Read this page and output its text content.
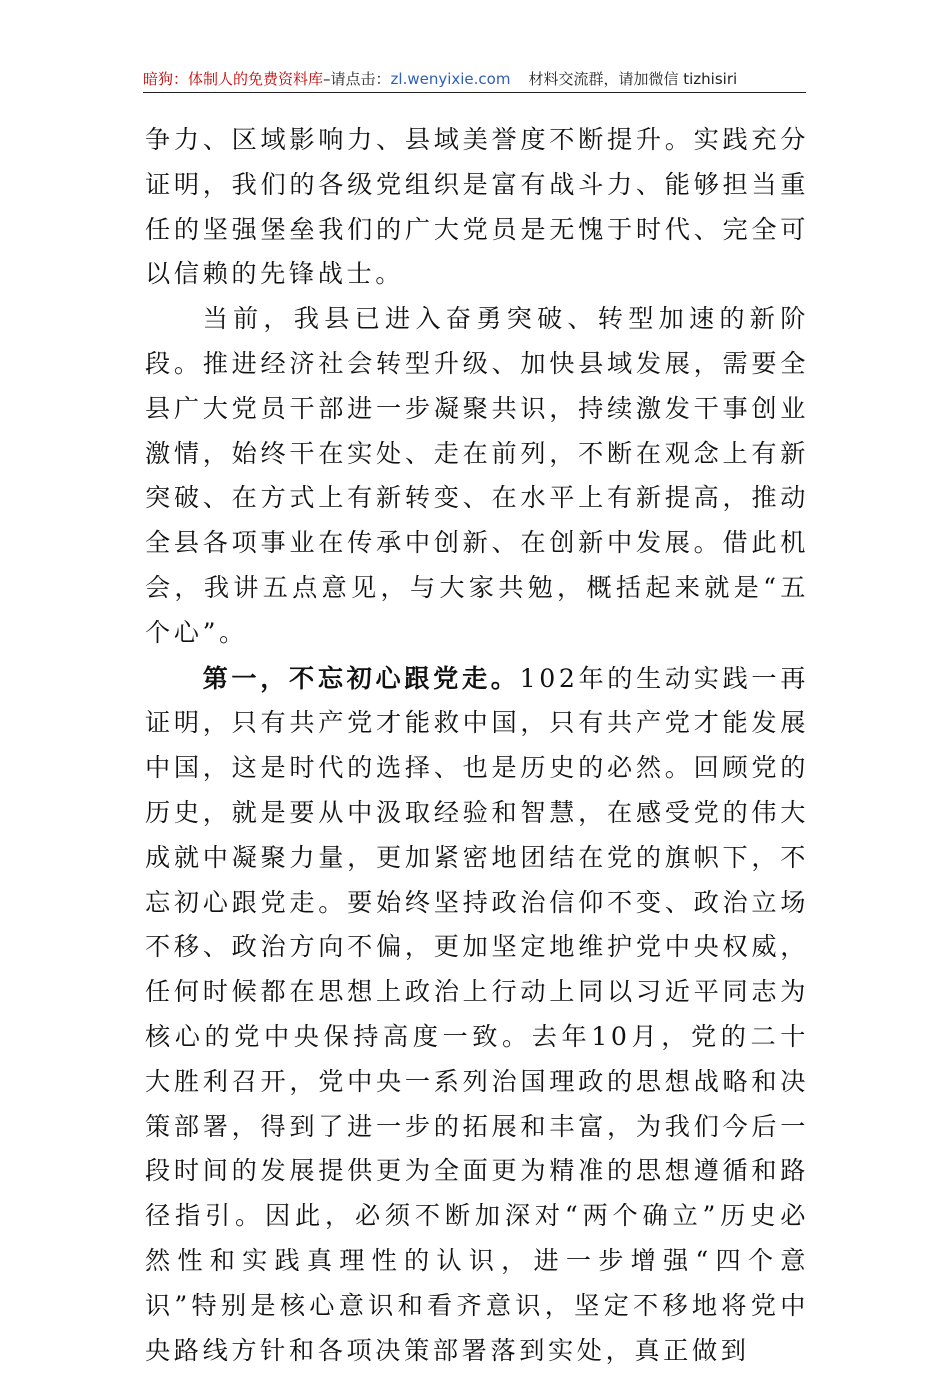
暗狗：体制人的免费资料库–请点击：zl.wenyixie.com 材料交流群，请加微信 tizhisiri

争力、区域影响力、县域美誉度不断提升。实践充分证明，我们的各级党组织是富有战斗力、能够担当重任的坚强堡垒我们的广大党员是无愧于时代、完全可以信赖的先锋战士。

当前，我县已进入奋勇突破、转型加速的新阶段。推进经济社会转型升级、加快县域发展，需要全县广大党员干部进一步凝聚共识，持续激发干事创业激情，始终干在实处、走在前列，不断在观念上有新突破、在方式上有新转变、在水平上有新提高，推动全县各项事业在传承中创新、在创新中发展。借此机会，我讲五点意见，与大家共勉，概括起来就是“五个心”。

第一，不忘初心跟党走。102年的生动实践一再证明，只有共产党才能救中国，只有共产党才能发展中国，这是时代的选择、也是历史的必然。回顾党的历史，就是要从中汲取经验和智慧，在感受党的伟大成就中凝聚力量，更加紧密地团结在党的旗帜下，不忘初心跟党走。要始终坚持政治信仰不变、政治立场不移、政治方向不偏，更加坚定地维护党中央权威，任何时候都在思想上政治上行动上同以习近平同志为核心的党中央保持高度一致。去年10月，党的二十大胜利召开，党中央一系列治国理政的思想战略和决策部署，得到了进一步的拓展和丰富，为我们今后一段时间的发展提供更为全面更为精准的思想遵循和路径指引。因此，必须不断加深对“两个确立”历史必然性和实践真理性的认识，进一步增强“四个意识”特别是核心意识和看齐意识，坚定不移地将党中央路线方针和各项决策部署落到实处，真正做到
